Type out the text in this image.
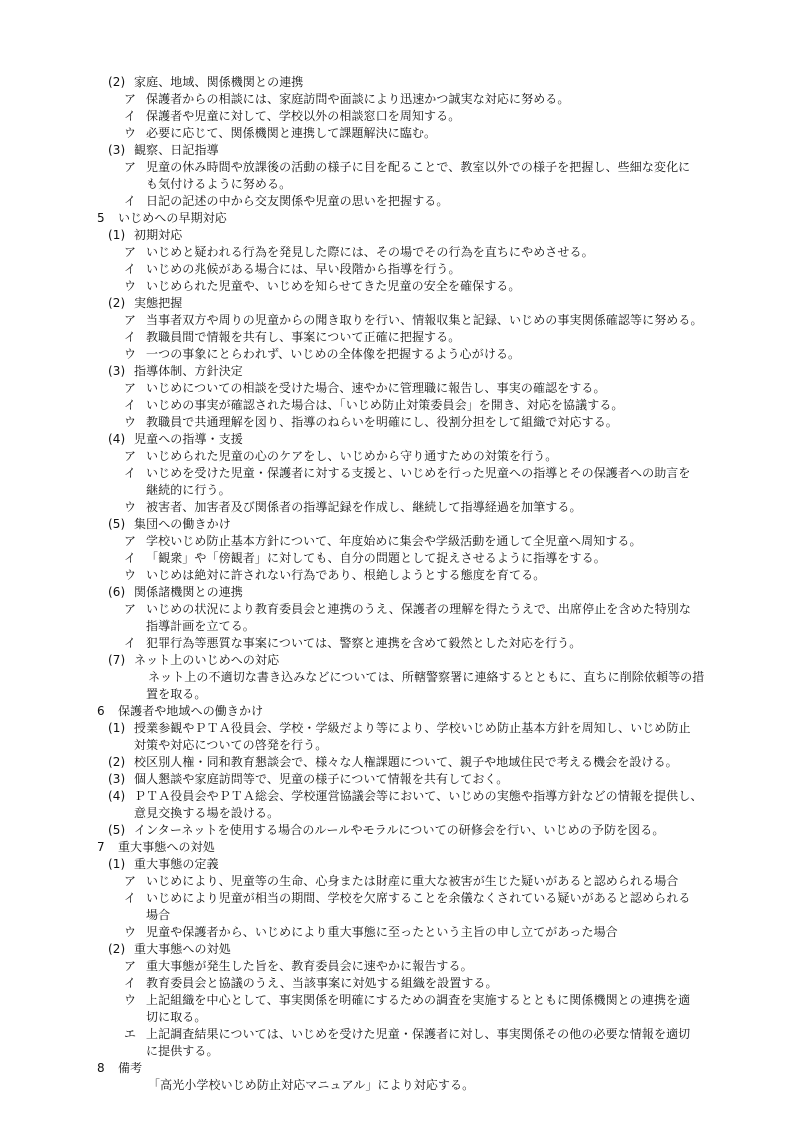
(2) 家庭、地域、関係機関との連携
ア 保護者からの相談には、家庭訪問や面談により迅速かつ誠実な対応に努める。
イ 保護者や児童に対して、学校以外の相談窓口を周知する。
ウ 必要に応じて、関係機関と連携して課題解決に臨む。
(3) 観察、日記指導
ア 児童の休み時間や放課後の活動の様子に目を配ることで、教室以外での様子を把握し、些細な変化に
も気付けるように努める。
イ 日記の記述の中から交友関係や児童の思いを把握する。
5 いじめへの早期対応
(1) 初期対応
ア いじめと疑われる行為を発見した際には、その場でその行為を直ちにやめさせる。
イ いじめの兆候がある場合には、早い段階から指導を行う。
ウ いじめられた児童や、いじめを知らせてきた児童の安全を確保する。
(2) 実態把握
ア 当事者双方や周りの児童からの聞き取りを行い、情報収集と記録、いじめの事実関係確認等に努める。
イ 教職員間で情報を共有し、事案について正確に把握する。
ウ 一つの事象にとらわれず、いじめの全体像を把握するよう心がける。
(3) 指導体制、方針決定
ア いじめについての相談を受けた場合、速やかに管理職に報告し、事実の確認をする。
イ いじめの事実が確認された場合は、「いじめ防止対策委員会」を開き、対応を協議する。
ウ 教職員で共通理解を図り、指導のねらいを明確にし、役割分担をして組織で対応する。
(4) 児童への指導・支援
ア いじめられた児童の心のケアをし、いじめから守り通すための対策を行う。
イ いじめを受けた児童・保護者に対する支援と、いじめを行った児童への指導とその保護者への助言を
継続的に行う。
ウ 被害者、加害者及び関係者の指導記録を作成し、継続して指導経過を加筆する。
(5) 集団への働きかけ
ア 学校いじめ防止基本方針について、年度始めに集会や学級活動を通して全児童へ周知する。
イ 「観衆」や「傍観者」に対しても、自分の問題として捉えさせるように指導をする。
ウ いじめは絶対に許されない行為であり、根絶しようとする態度を育てる。
(6) 関係諸機関との連携
ア いじめの状況により教育委員会と連携のうえ、保護者の理解を得たうえで、出席停止を含めた特別な
指導計画を立てる。
イ 犯罪行為等悪質な事案については、警察と連携を含めて毅然とした対応を行う。
(7) ネット上のいじめへの対応
ネット上の不適切な書き込みなどについては、所轄警察署に連絡するとともに、直ちに削除依頼等の措
置を取る。
6 保護者や地域への働きかけ
(1) 授業参観やＰＴＡ役員会、学校・学級だより等により、学校いじめ防止基本方針を周知し、いじめ防止
対策や対応についての啓発を行う。
(2) 校区別人権・同和教育懇談会で、様々な人権課題について、親子や地域住民で考える機会を設ける。
(3) 個人懇談や家庭訪問等で、児童の様子について情報を共有しておく。
(4) ＰＴＡ役員会やＰＴＡ総会、学校運営協議会等において、いじめの実態や指導方針などの情報を提供し、
意見交換する場を設ける。
(5) インターネットを使用する場合のルールやモラルについての研修会を行い、いじめの予防を図る。
7 重大事態への対処
(1) 重大事態の定義
ア いじめにより、児童等の生命、心身または財産に重大な被害が生じた疑いがあると認められる場合
イ いじめにより児童が相当の期間、学校を欠席することを余儀なくされている疑いがあると認められる
場合
ウ 児童や保護者から、いじめにより重大事態に至ったという主旨の申し立てがあった場合
(2) 重大事態への対処
ア 重大事態が発生した旨を、教育委員会に速やかに報告する。
イ 教育委員会と協議のうえ、当該事案に対処する組織を設置する。
ウ 上記組織を中心として、事実関係を明確にするための調査を実施するとともに関係機関との連携を適
切に取る。
エ 上記調査結果については、いじめを受けた児童・保護者に対し、事実関係その他の必要な情報を適切
に提供する。
8 備考
「高光小学校いじめ防止対応マニュアル」により対応する。
